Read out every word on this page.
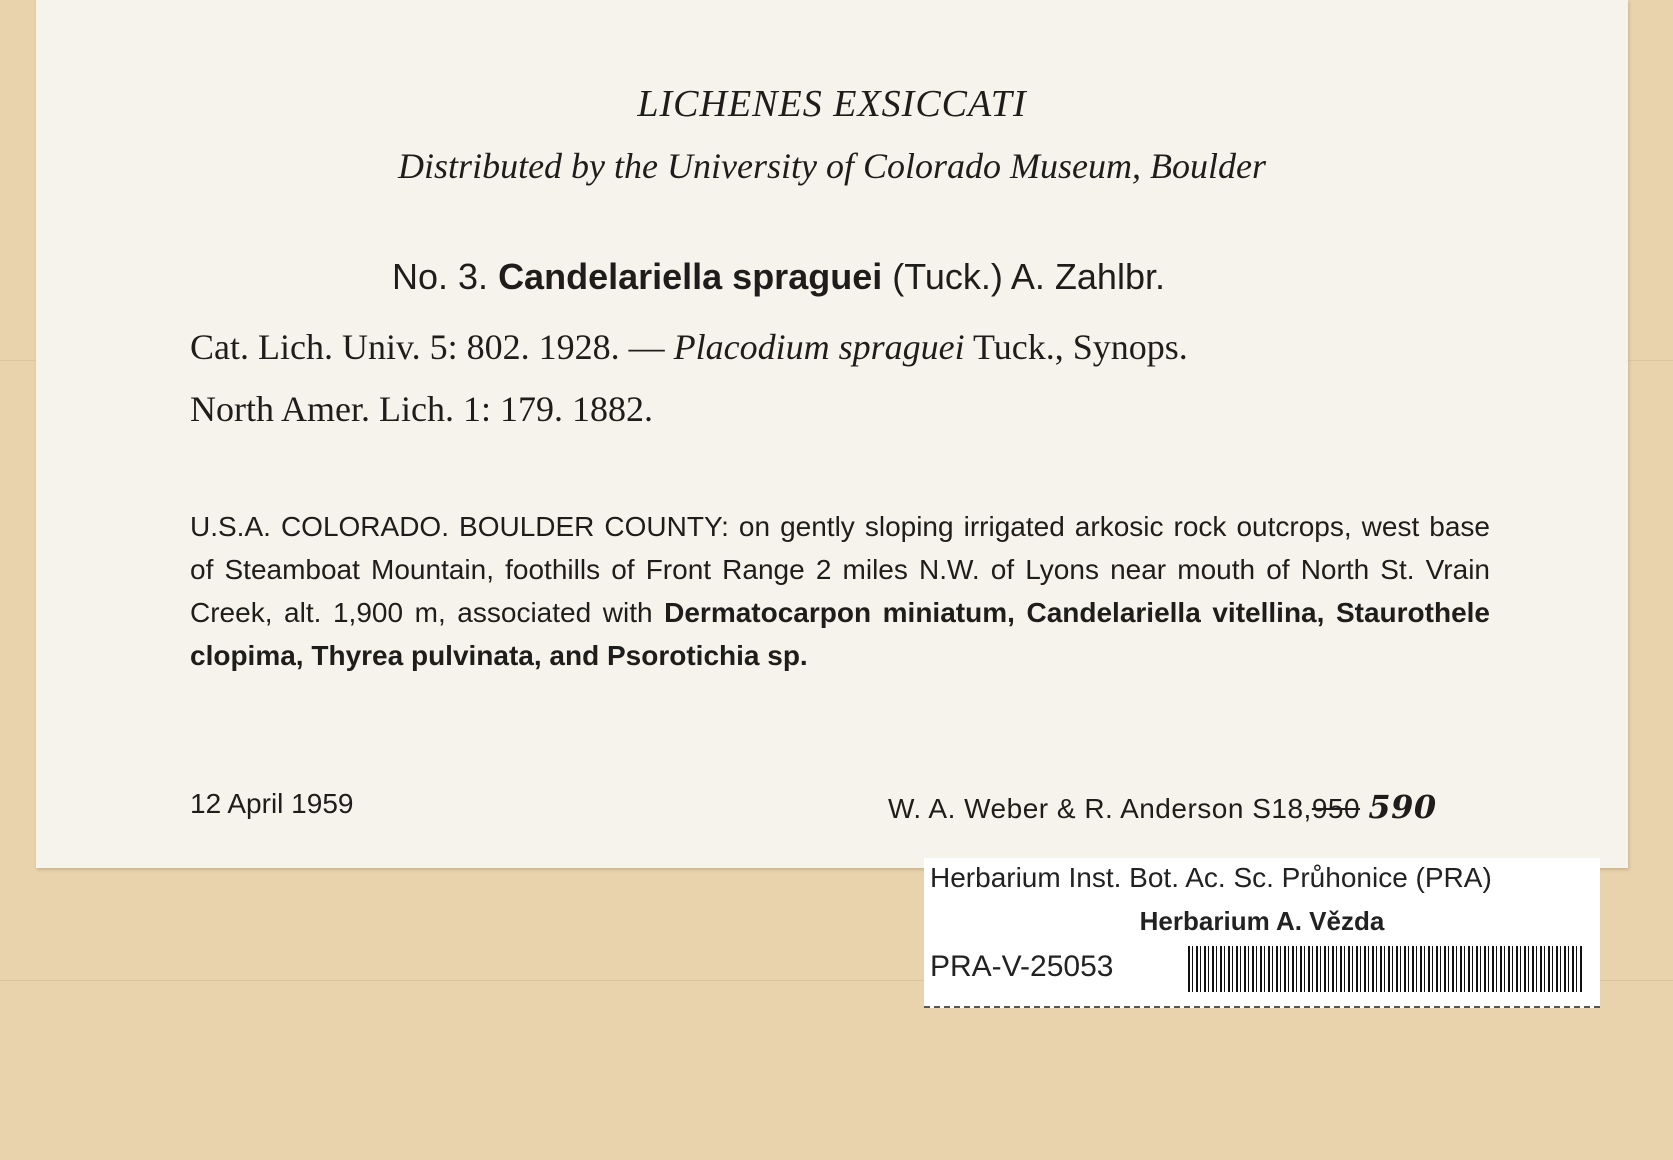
LICHENES EXSICCATI
Distributed by the University of Colorado Museum, Boulder
No. 3. Candelariella spraguei (Tuck.) A. Zahlbr.
Cat. Lich. Univ. 5: 802. 1928. — Placodium spraguei Tuck., Synops.
North Amer. Lich. 1: 179. 1882.
U.S.A. COLORADO. BOULDER COUNTY: on gently sloping irrigated arkosic rock outcrops, west base of Steamboat Mountain, foothills of Front Range 2 miles N.W. of Lyons near mouth of North St. Vrain Creek, alt. 1,900 m, associated with Dermatocarpon miniatum, Candelariella vitellina, Staurothele clopima, Thyrea pulvinata, and Psorotichia sp.
12 April 1959	W. A. Weber & R. Anderson S18,950 590
Herbarium Inst. Bot. Ac. Sc. Průhonice (PRA)
Herbarium A. Vězda
PRA-V-25053
